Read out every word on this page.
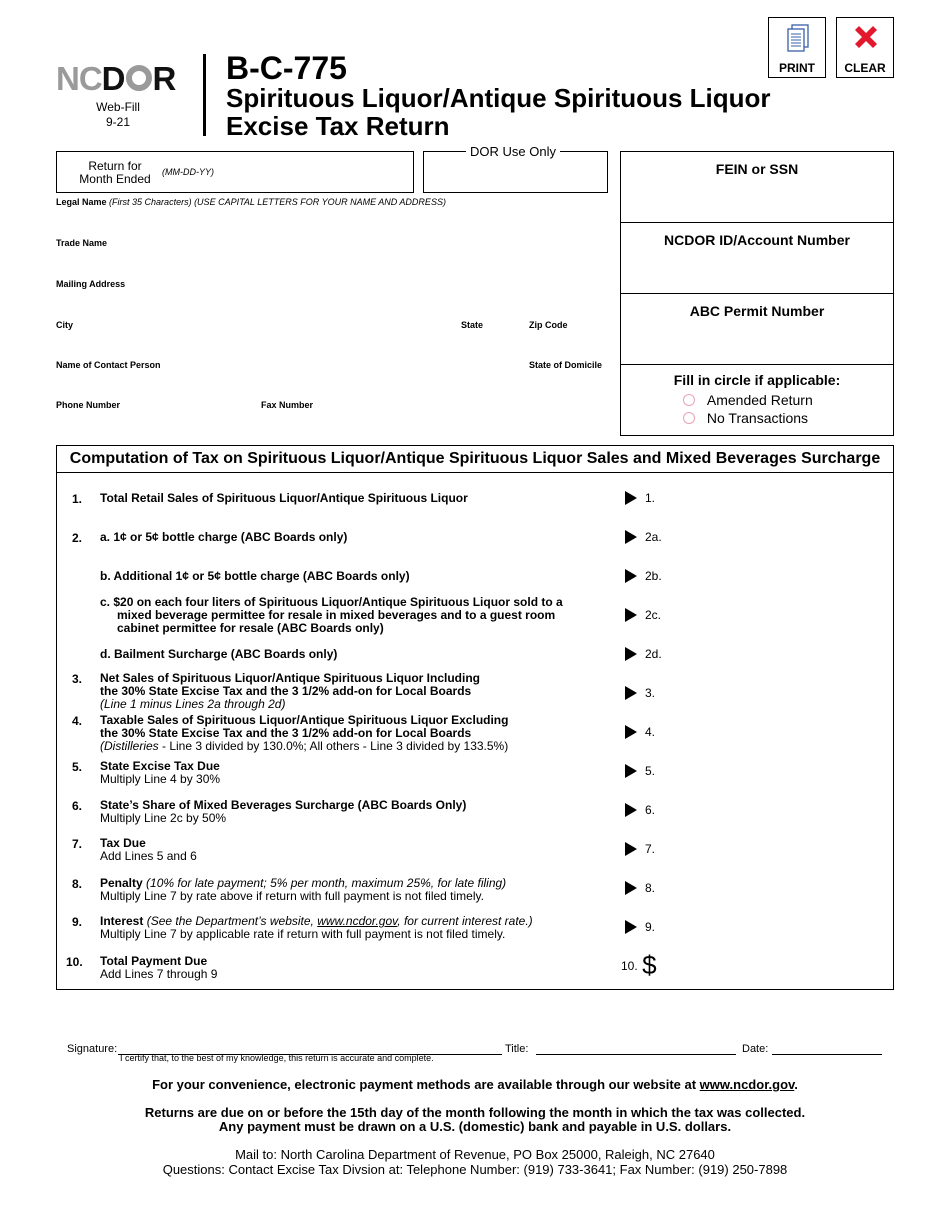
NCD R
Web-Fill
9-21
B-C-775
Spirituous Liquor/Antique Spirituous Liquor
Excise Tax Return
PRINT	CLEAR
Return for
Month Ended	(MM-DD-YY)
DOR Use Only
FEIN or SSN
NCDOR ID/Account Number
ABC Permit Number
Fill in circle if applicable:
Amended Return
No Transactions
Legal Name (First 35 Characters) (USE CAPITAL LETTERS FOR YOUR NAME AND ADDRESS)
Trade Name
Mailing Address
City	State	Zip Code
Name of Contact Person	State of Domicile
Phone Number	Fax Number
Computation of Tax on Spirituous Liquor/Antique Spirituous Liquor Sales and Mixed Beverages Surcharge
1. Total Retail Sales of Spirituous Liquor/Antique Spirituous Liquor	1.
2. a. 1¢ or 5¢ bottle charge (ABC Boards only)	2a.
b. Additional 1¢ or 5¢ bottle charge (ABC Boards only)	2b.
c. $20 on each four liters of Spirituous Liquor/Antique Spirituous Liquor sold to a
mixed beverage permittee for resale in mixed beverages and to a guest room
cabinet permittee for resale (ABC Boards only)
2c.
d. Bailment Surcharge (ABC Boards only)	2d.
3. Net Sales of Spirituous Liquor/Antique Spirituous Liquor Including
the 30% State Excise Tax and the 3 1/2% add-on for Local Boards
(Line 1 minus Lines 2a through 2d)
3.
4. Taxable Sales of Spirituous Liquor/Antique Spirituous Liquor Excluding
the 30% State Excise Tax and the 3 1/2% add-on for Local Boards
(Distilleries - Line 3 divided by 130.0%; All others - Line 3 divided by 133.5%)
4.
5. State Excise Tax Due
Multiply Line 4 by 30%
5.
6. State’s Share of Mixed Beverages Surcharge (ABC Boards Only)
Multiply Line 2c by 50%
6.
7. Tax Due
Add Lines 5 and 6	7.
8. Penalty (10% for late payment; 5% per month, maximum 25%, for late filing)
Multiply Line 7 by rate above if return with full payment is not filed timely.
8.
9. Interest (See the Department’s website, www.ncdor.gov, for current interest rate.)
Multiply Line 7 by applicable rate if return with full payment is not filed timely.	9.
10. Total Payment Due
Add Lines 7 through 9
$^{10.}$ $
Signature:	Title:	Date:
I certify that, to the best of my knowledge, this return is accurate and complete.
For your convenience, electronic payment methods are available through our website at www.ncdor.gov.
Returns are due on or before the 15th day of the month following the month in which the tax was collected.
Any payment must be drawn on a U.S. (domestic) bank and payable in U.S. dollars.
Mail to: North Carolina Department of Revenue, PO Box 25000, Raleigh, NC 27640
Questions: Contact Excise Tax Divsion at: Telephone Number: (919) 733-3641; Fax Number: (919) 250-7898
